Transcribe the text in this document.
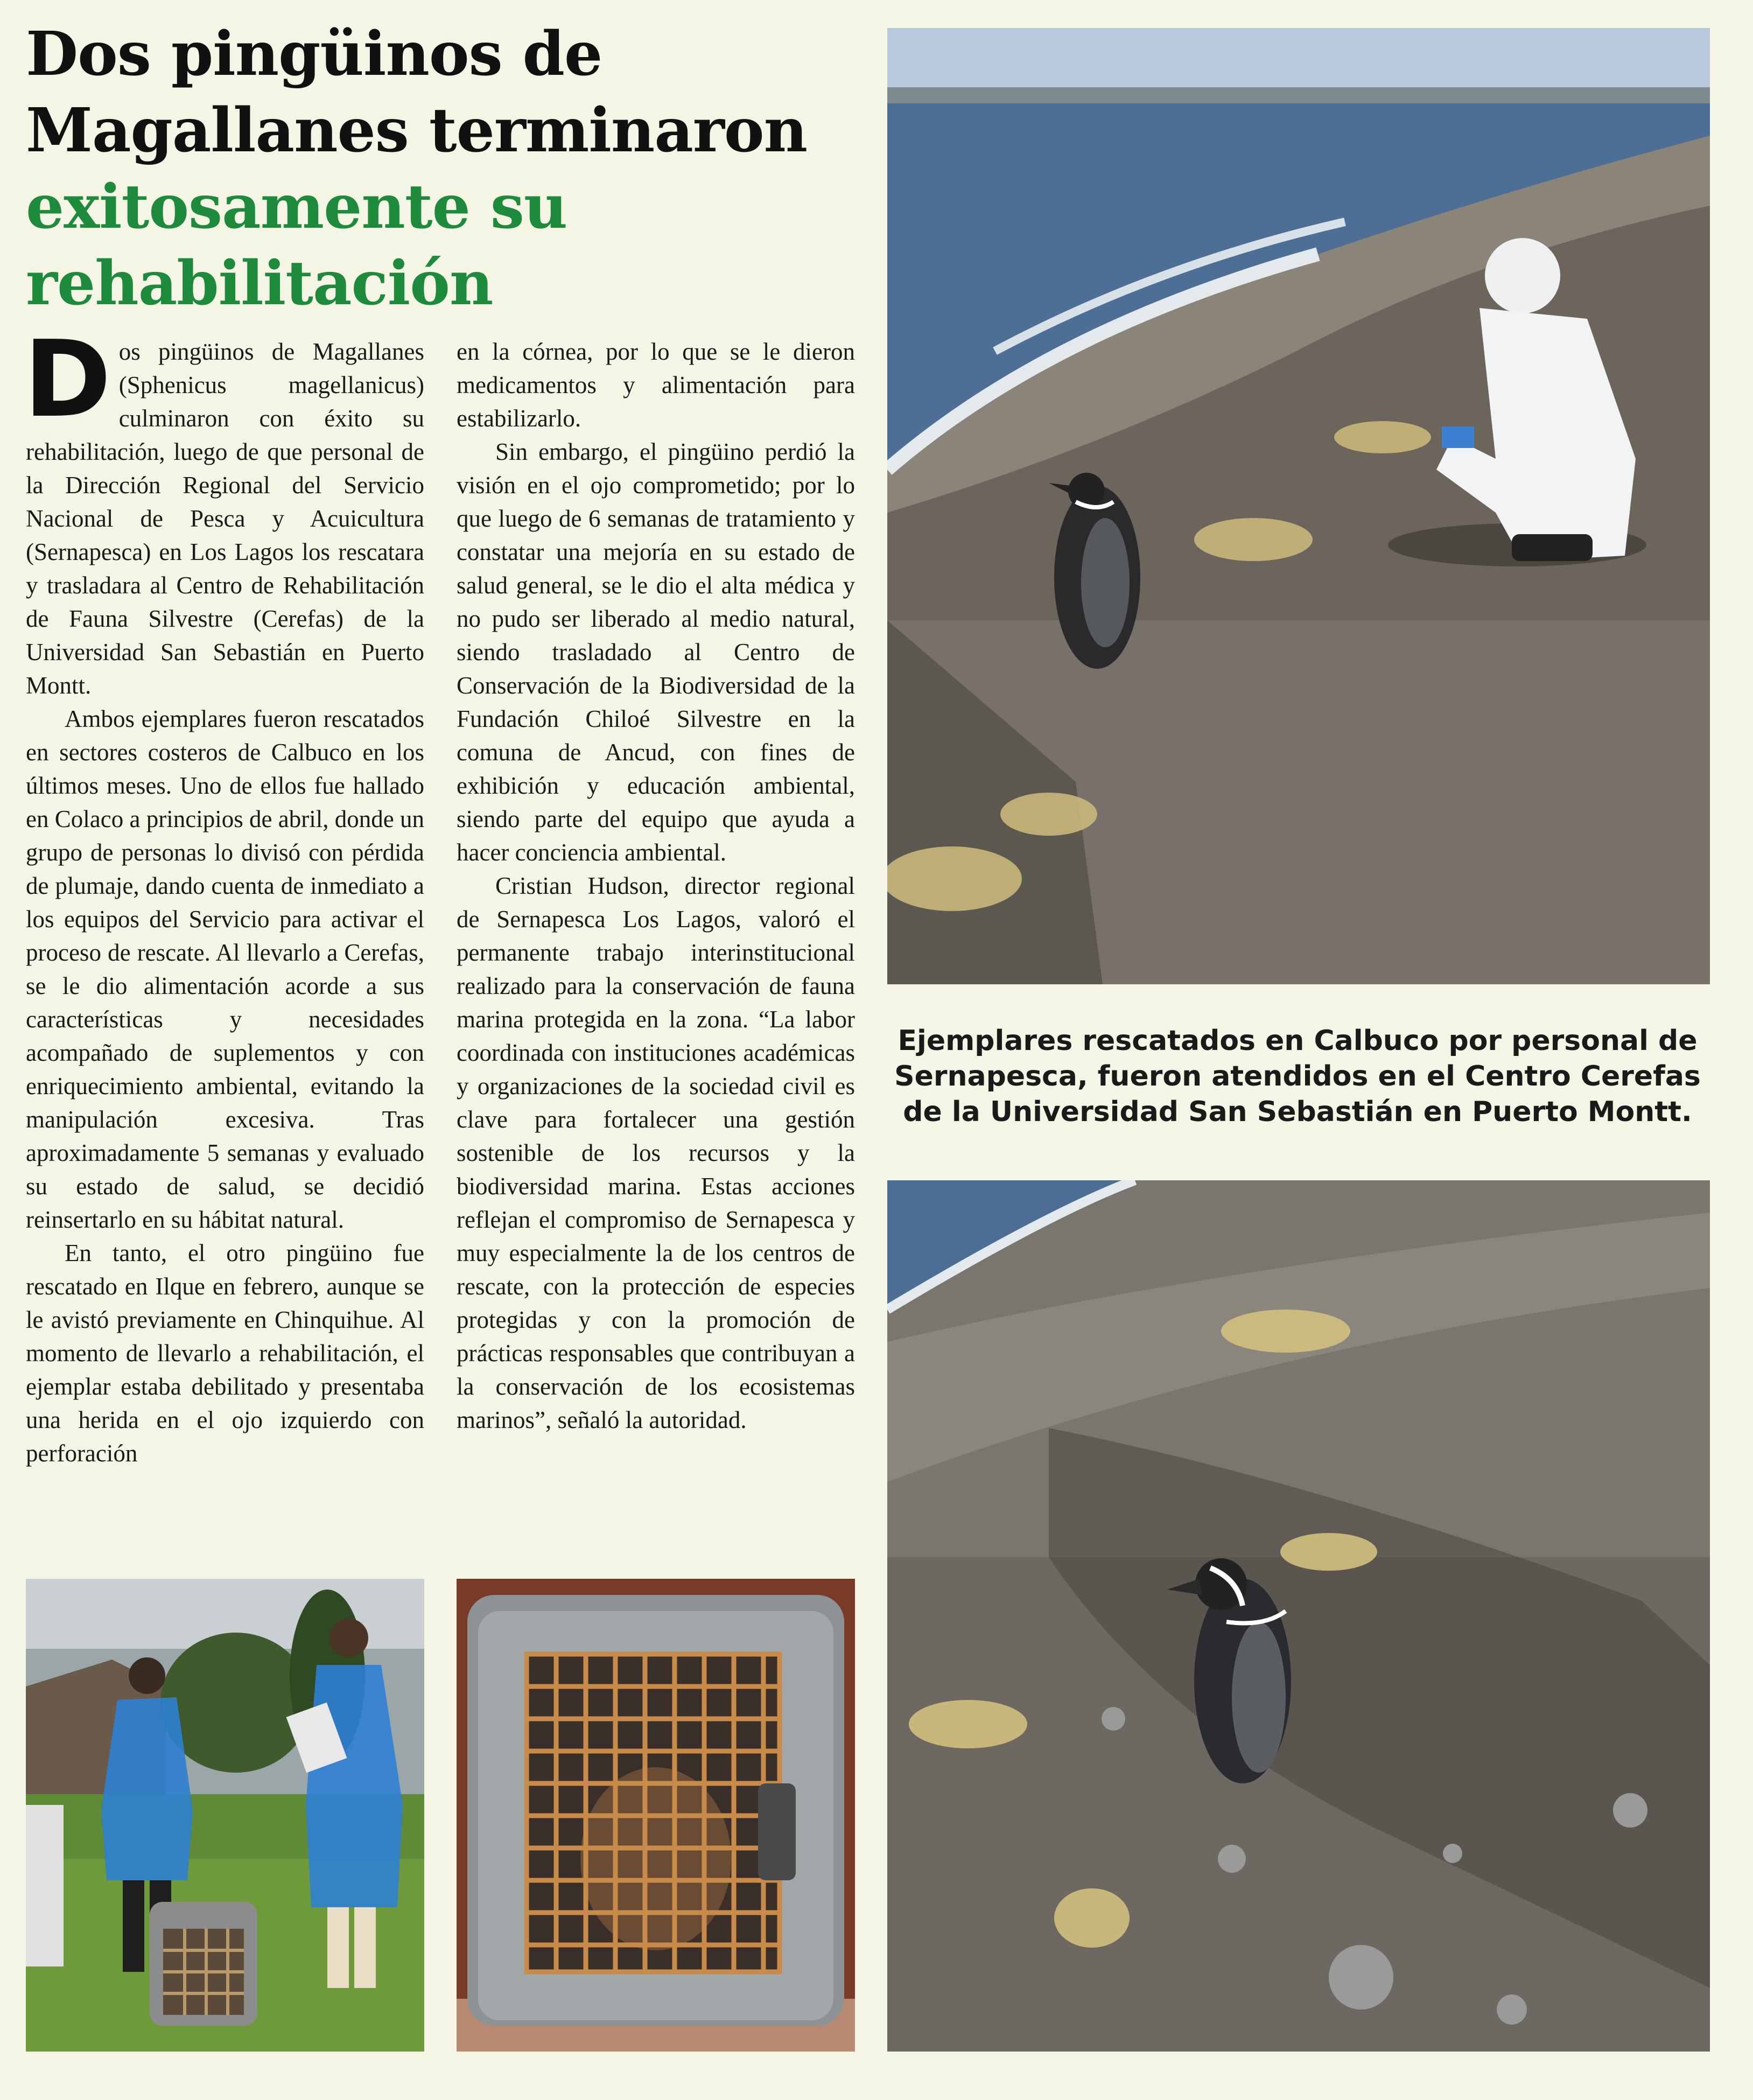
Dos pingüinos de
Magallanes terminaron
exitosamente su
rehabilitación

Dos pingüinos de Magallanes (Sphenicus magellanicus) culminaron con éxito su rehabilitación, luego de que personal de la Dirección Regional del Servicio Nacional de Pesca y Acuicultura (Sernapesca) en Los Lagos los rescatara y trasladara al Centro de Rehabilitación de Fauna Silvestre (Cerefas) de la Universidad San Sebastián en Puerto Montt.

Ambos ejemplares fueron rescatados en sectores costeros de Calbuco en los últimos meses. Uno de ellos fue hallado en Colaco a principios de abril, donde un grupo de personas lo divisó con pérdida de plumaje, dando cuenta de inmediato a los equipos del Servicio para activar el proceso de rescate. Al llevarlo a Cerefas, se le dio alimentación acorde a sus características y necesidades acompañado de suplementos y con enriquecimiento ambiental, evitando la manipulación excesiva. Tras aproximadamente 5 semanas y evaluado su estado de salud, se decidió reinsertarlo en su hábitat natural.

En tanto, el otro pingüino fue rescatado en Ilque en febrero, aunque se le avistó previamente en Chinquihue. Al momento de llevarlo a rehabilitación, el ejemplar estaba debilitado y presentaba una herida en el ojo izquierdo con perforación

en la córnea, por lo que se le dieron medicamentos y alimentación para estabilizarlo.

Sin embargo, el pingüino perdió la visión en el ojo comprometido; por lo que luego de 6 semanas de tratamiento y constatar una mejoría en su estado de salud general, se le dio el alta médica y no pudo ser liberado al medio natural, siendo trasladado al Centro de Conservación de la Biodiversidad de la Fundación Chiloé Silvestre en la comuna de Ancud, con fines de exhibición y educación ambiental, siendo parte del equipo que ayuda a hacer conciencia ambiental.

Cristian Hudson, director regional de Sernapesca Los Lagos, valoró el permanente trabajo interinstitucional realizado para la conservación de fauna marina protegida en la zona. “La labor coordinada con instituciones académicas y organizaciones de la sociedad civil es clave para fortalecer una gestión sostenible de los recursos y la biodiversidad marina. Estas acciones reflejan el compromiso de Sernapesca y muy especialmente la de los centros de rescate, con la protección de especies protegidas y con la promoción de prácticas responsables que contribuyan a la conservación de los ecosistemas marinos”, señaló la autoridad.

Ejemplares rescatados en Calbuco por personal de Sernapesca, fueron atendidos en el Centro Cerefas de la Universidad San Sebastián en Puerto Montt.
